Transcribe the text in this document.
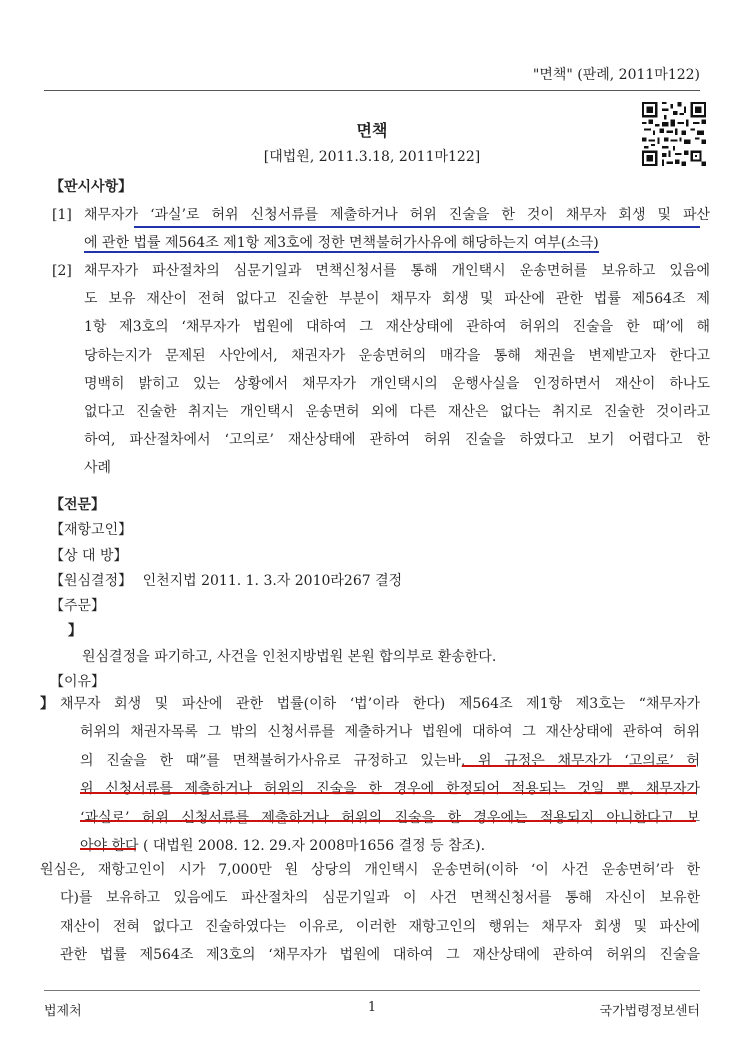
"면책" (판례, 2011마122)
면책
[대법원, 2011.3.18, 2011마122]
【판시사항】
[1] 채무자가 ‘과실’로 허위 신청서류를 제출하거나 허위 진술을 한 것이 채무자 회생 및 파산
에 관한 법률 제564조 제1항 제3호에 정한 면책불허가사유에 해당하는지 여부(소극)
[2] 채무자가 파산절차의 심문기일과 면책신청서를 통해 개인택시 운송면허를 보유하고 있음에
도 보유 재산이 전혀 없다고 진술한 부분이 채무자 회생 및 파산에 관한 법률 제564조 제
1항 제3호의 ‘채무자가 법원에 대하여 그 재산상태에 관하여 허위의 진술을 한 때’에 해
당하는지가 문제된 사안에서, 채권자가 운송면허의 매각을 통해 채권을 변제받고자 한다고
명백히 밝히고 있는 상황에서 채무자가 개인택시의 운행사실을 인정하면서 재산이 하나도
없다고 진술한 취지는 개인택시 운송면허 외에 다른 재산은 없다는 취지로 진술한 것이라고
하여, 파산절차에서 ‘고의로’ 재산상태에 관하여 허위 진술을 하였다고 보기 어렵다고 한
사례
【전문】
【재항고인】
【상 대 방】
【원심결정】 인천지법 2011. 1. 3.자 2010라267 결정
【주문】
】
원심결정을 파기하고, 사건을 인천지방법원 본원 합의부로 환송한다.
【이유】
】 채무자 회생 및 파산에 관한 법률(이하 ‘법’이라 한다) 제564조 제1항 제3호는 “채무자가
허위의 채권자목록 그 밖의 신청서류를 제출하거나 법원에 대하여 그 재산상태에 관하여 허위
의 진술을 한 때”를 면책불허가사유로 규정하고 있는바, 위 규정은 채무자가 ‘고의로’ 허
위 신청서류를 제출하거나 허위의 진술을 한 경우에 한정되어 적용되는 것일 뿐, 채무자가
‘과실로’ 허위 신청서류를 제출하거나 허위의 진술을 한 경우에는 적용되지 아니한다고 보
아야 한다 ( 대법원 2008. 12. 29.자 2008마1656 결정 등 참조).
원심은, 재항고인이 시가 7,000만 원 상당의 개인택시 운송면허(이하 ‘이 사건 운송면허’라 한
다)를 보유하고 있음에도 파산절차의 심문기일과 이 사건 면책신청서를 통해 자신이 보유한
재산이 전혀 없다고 진술하였다는 이유로, 이러한 재항고인의 행위는 채무자 회생 및 파산에
관한 법률 제564조 제3호의 ‘채무자가 법원에 대하여 그 재산상태에 관하여 허위의 진술을
법제처	1	국가법령정보센터
